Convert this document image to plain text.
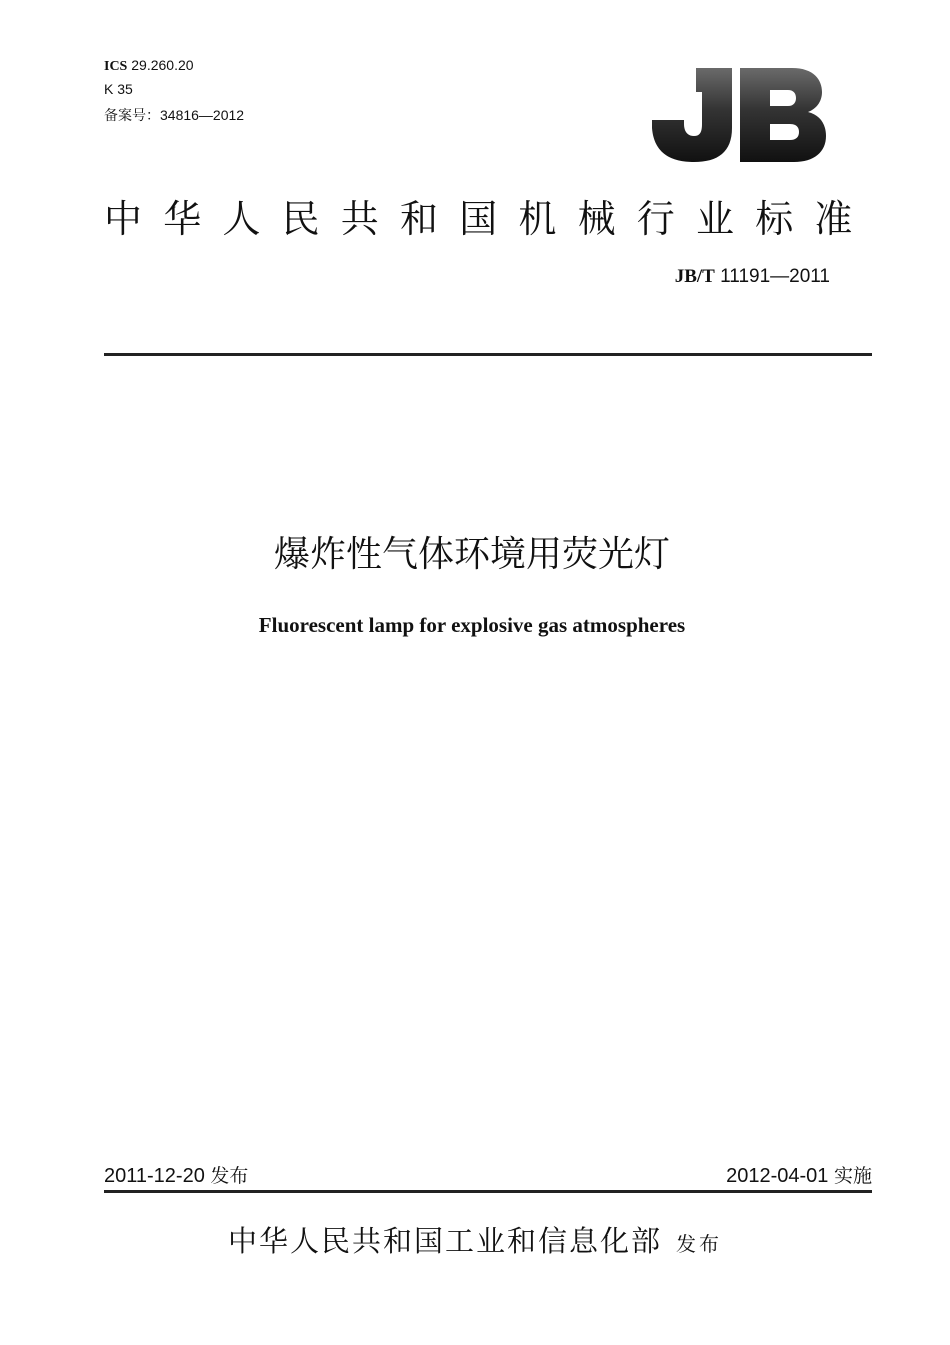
ICS 29.260.20
K 35
备案号：34816—2012
中华人民共和国机械行业标准
JB/T 11191—2011
爆炸性气体环境用荧光灯
Fluorescent lamp for explosive gas atmospheres
2011-12-20 发布	2012-04-01 实施
中华人民共和国工业和信息化部 发布
